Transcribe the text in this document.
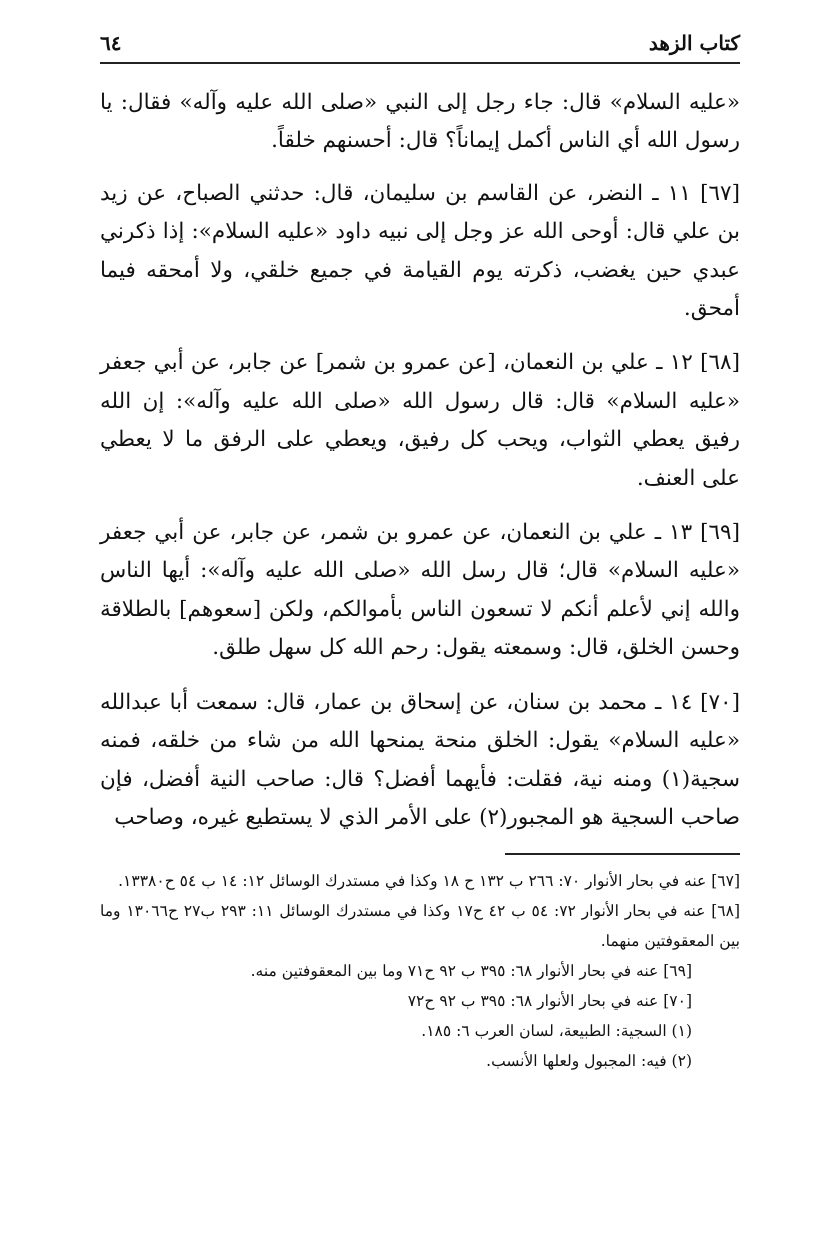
كتاب الزهد
٦٤

«عليه السلام» قال: جاء رجل إلى النبي «صلى الله عليه وآله» فقال: يا رسول الله أي الناس أكمل إيماناً؟ قال: أحسنهم خلقاً.

[٦٧] ١١ ـ النضر، عن القاسم بن سليمان، قال: حدثني الصباح، عن زيد بن علي قال: أوحى الله عز وجل إلى نبيه داود «عليه السلام»: إذا ذكرني عبدي حين يغضب، ذكرته يوم القيامة في جميع خلقي، ولا أمحقه فيما أمحق.

[٦٨] ١٢ ـ علي بن النعمان، [عن عمرو بن شمر] عن جابر، عن أبي جعفر «عليه السلام» قال: قال رسول الله «صلى الله عليه وآله»: إن الله رفيق يعطي الثواب، ويحب كل رفيق، ويعطي على الرفق ما لا يعطي على العنف.

[٦٩] ١٣ ـ علي بن النعمان، عن عمرو بن شمر، عن جابر، عن أبي جعفر «عليه السلام» قال؛ قال رسل الله «صلى الله عليه وآله»: أيها الناس والله إني لأعلم أنكم لا تسعون الناس بأموالكم، ولكن [سعوهم] بالطلاقة وحسن الخلق، قال: وسمعته يقول: رحم الله كل سهل طلق.

[٧٠] ١٤ ـ محمد بن سنان، عن إسحاق بن عمار، قال: سمعت أبا عبدالله «عليه السلام» يقول: الخلق منحة يمنحها الله من شاء من خلقه، فمنه سجية(١) ومنه نية، فقلت: فأيهما أفضل؟ قال: صاحب النية أفضل، فإن صاحب السجية هو المجبور(٢) على الأمر الذي لا يستطيع غيره، وصاحب

[٦٧] عنه في بحار الأنوار ٧٠: ٢٦٦ ب ١٣٢ ح ١٨ وكذا في مستدرك الوسائل ١٢: ١٤ ب ٥٤ ح١٣٣٨٠.

[٦٨] عنه في بحار الأنوار ٧٢: ٥٤ ب ٤٢ ح١٧ وكذا في مستدرك الوسائل ١١: ٢٩٣ ب٢٧ ح١٣٠٦٦ وما بين المعقوفتين منهما.

[٦٩] عنه في بحار الأنوار ٦٨: ٣٩٥ ب ٩٢ ح٧١ وما بين المعقوفتين منه.

[٧٠] عنه في بحار الأنوار ٦٨: ٣٩٥ ب ٩٢ ح٧٢

(١) السجية: الطبيعة، لسان العرب ٦: ١٨٥.

(٢) فيه: المجبول ولعلها الأنسب.
